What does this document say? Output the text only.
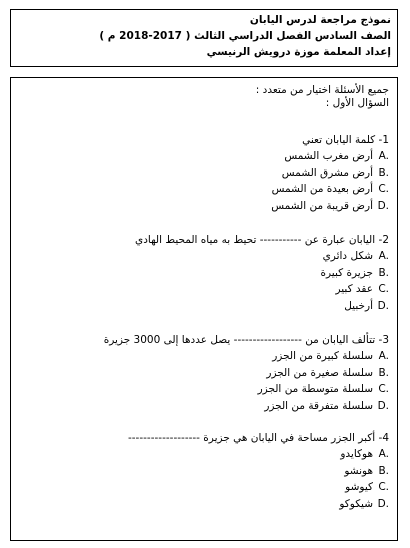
نموذج مراجعة لدرس اليابان
الصف السادس الفصل الدراسي الثالث ( 2017-2018 م )
إعداد المعلمة موزة درويش الرنيسي
جميع الأسئلة اختيار من متعدد :
السؤال الأول :
1- كلمة اليابان تعني
A.
أرض مغرب الشمس
B.
أرض مشرق الشمس
C.
أرض بعيدة من الشمس
D.
أرض قريبة من الشمس
2- اليابان عبارة عن ----------- تحيط به مياه المحيط الهادي
A.
شكل دائري
B.
جزيرة كبيرة
C.
عقد كبير
D.
أرخبيل
3- تتألف اليابان من ------------------ يصل عددها إلى 3000 جزيرة
A.
سلسلة كبيرة من الجزر
B.
سلسلة صغيرة من الجزر
C.
سلسلة متوسطة من الجزر
D.
سلسلة متفرقة من الجزر
4- أكبر الجزر مساحة في اليابان هي جزيرة -------------------
A.
هوكايدو
B.
هونشو
C.
كيوشو
D.
شيكوكو
